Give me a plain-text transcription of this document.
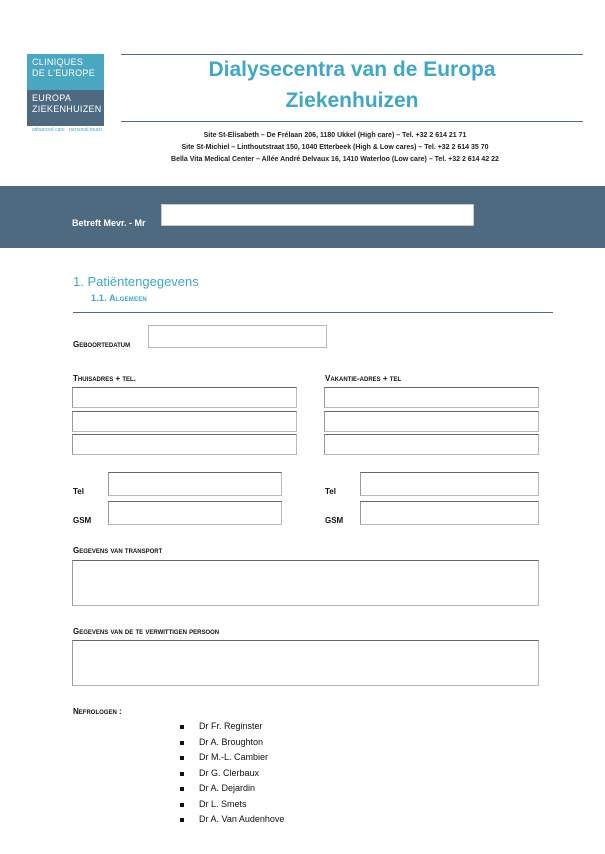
CLINIQUES
DE L'EUROPE
EUROPA
ZIEKENHUIZEN
advanced care · personal touch
Dialysecentra van de Europa
Ziekenhuizen
Site St-Elisabeth – De Frélaan 206, 1180 Ukkel (High care) – Tel. +32 2 614 21 71
Site St-Michiel – Linthoutstraat 150, 1040 Etterbeek (High & Low cares) – Tel. +32 2 614 35 70
Bella Vita Medical Center – Allée André Delvaux 16, 1410 Waterloo (Low care) – Tel. +32 2 614 42 22
Betreft Mevr. - Mr
1. Patiëntengegevens
1.1. Algemeen
Geboortedatum
Thuisadres + tel.	Vakantie-adres + tel
Tel
GSM
Tel
GSM
Gegevens van transport
Gegevens van de te verwittigen persoon
Nefrologen :
Dr Fr. Reginster
Dr A. Broughton
Dr M.-L. Cambier
Dr G. Clerbaux
Dr A. Dejardin
Dr L. Smets
Dr A. Van Audenhove
